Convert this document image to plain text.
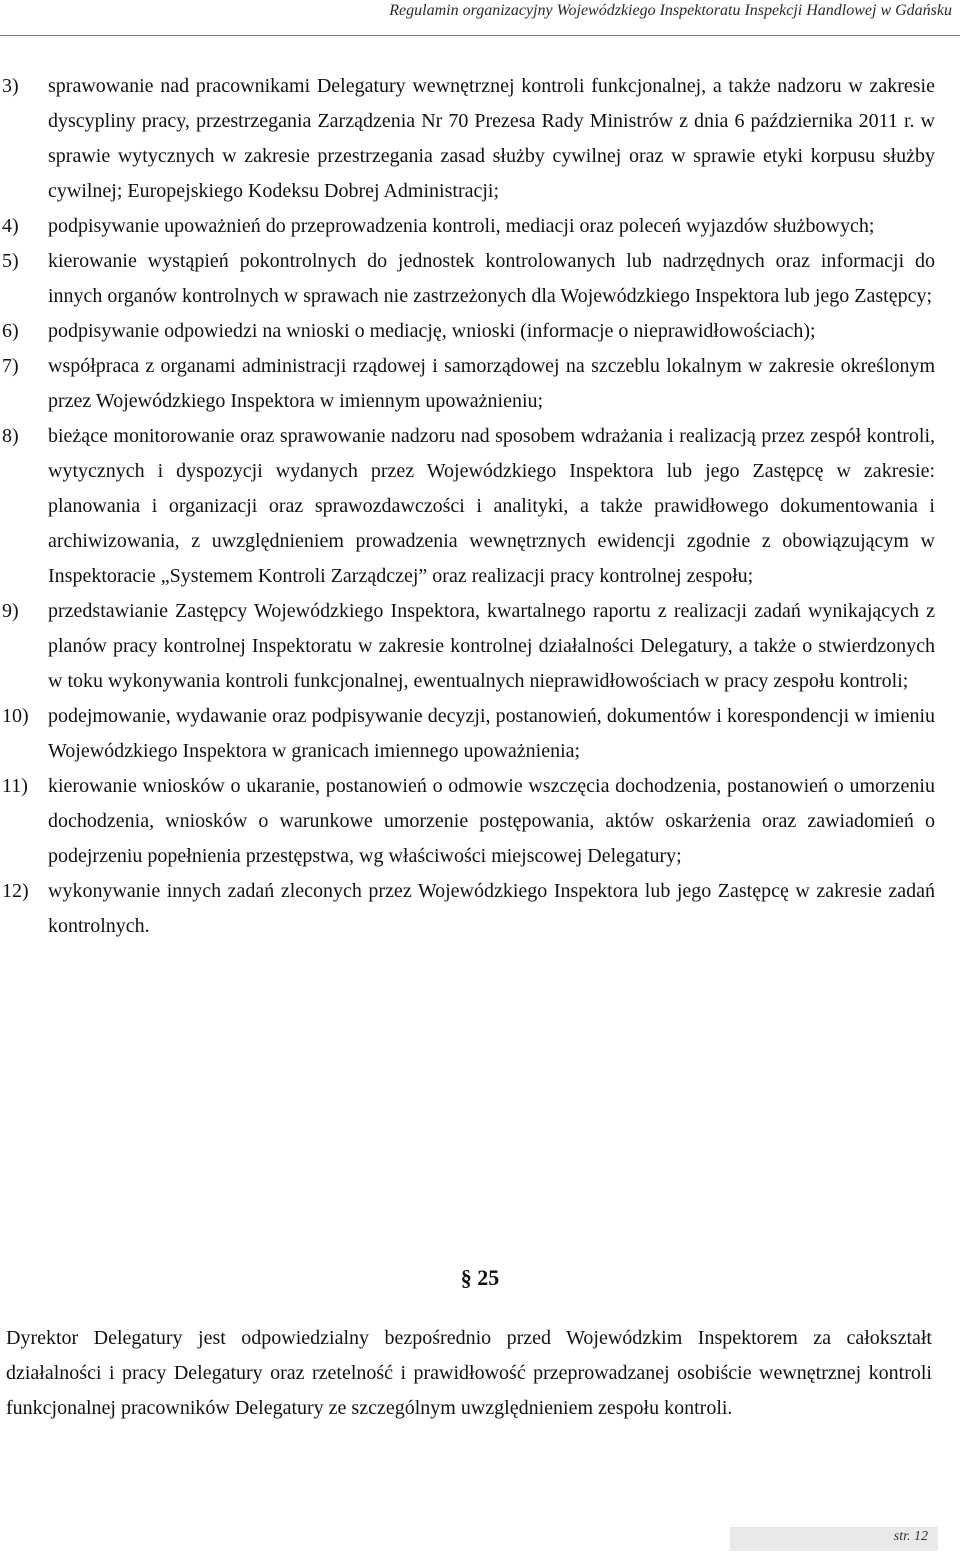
Regulamin organizacyjny Wojewódzkiego Inspektoratu Inspekcji Handlowej w Gdańsku
3) sprawowanie nad pracownikami Delegatury wewnętrznej kontroli funkcjonalnej, a także nadzoru w zakresie dyscypliny pracy, przestrzegania Zarządzenia Nr 70 Prezesa Rady Ministrów z dnia 6 października 2011 r. w sprawie wytycznych w zakresie przestrzegania zasad służby cywilnej oraz w sprawie etyki korpusu służby cywilnej; Europejskiego Kodeksu Dobrej Administracji;
4) podpisywanie upoważnień do przeprowadzenia kontroli, mediacji oraz poleceń wyjazdów służbowych;
5) kierowanie wystąpień pokontrolnych do jednostek kontrolowanych lub nadrzędnych oraz informacji do innych organów kontrolnych w sprawach nie zastrzeżonych dla Wojewódzkiego Inspektora lub jego Zastępcy;
6) podpisywanie odpowiedzi na wnioski o mediację, wnioski (informacje o nieprawidłowościach);
7) współpraca z organami administracji rządowej i samorządowej na szczeblu lokalnym w zakresie określonym przez Wojewódzkiego Inspektora w imiennym upoważnieniu;
8) bieżące monitorowanie oraz sprawowanie nadzoru nad sposobem wdrażania i realizacją przez zespół kontroli, wytycznych i dyspozycji wydanych przez Wojewódzkiego Inspektora lub jego Zastępcę w zakresie: planowania i organizacji oraz sprawozdawczości i analityki, a także prawidłowego dokumentowania i archiwizowania, z uwzględnieniem prowadzenia wewnętrznych ewidencji zgodnie z obowiązującym w Inspektoracie „Systemem Kontroli Zarządczej” oraz realizacji pracy kontrolnej zespołu;
9) przedstawianie Zastępcy Wojewódzkiego Inspektora, kwartalnego raportu z realizacji zadań wynikających z planów pracy kontrolnej Inspektoratu w zakresie kontrolnej działalności Delegatury, a także o stwierdzonych w toku wykonywania kontroli funkcjonalnej, ewentualnych nieprawidłowościach w pracy zespołu kontroli;
10) podejmowanie, wydawanie oraz podpisywanie decyzji, postanowień, dokumentów i korespondencji w imieniu Wojewódzkiego Inspektora w granicach imiennego upoważnienia;
11) kierowanie wniosków o ukaranie, postanowień o odmowie wszczęcia dochodzenia, postanowień o umorzeniu dochodzenia, wniosków o warunkowe umorzenie postępowania, aktów oskarżenia oraz zawiadomień o podejrzeniu popełnienia przestępstwa, wg właściwości miejscowej Delegatury;
12) wykonywanie innych zadań zleconych przez Wojewódzkiego Inspektora lub jego Zastępcę w zakresie zadań kontrolnych.
§ 25

Dyrektor Delegatury jest odpowiedzialny bezpośrednio przed Wojewódzkim Inspektorem za całokształt działalności i pracy Delegatury oraz rzetelność i prawidłowość przeprowadzanej osobiście wewnętrznej kontroli funkcjonalnej pracowników Delegatury ze szczególnym uwzględnieniem zespołu kontroli.

str. 12
